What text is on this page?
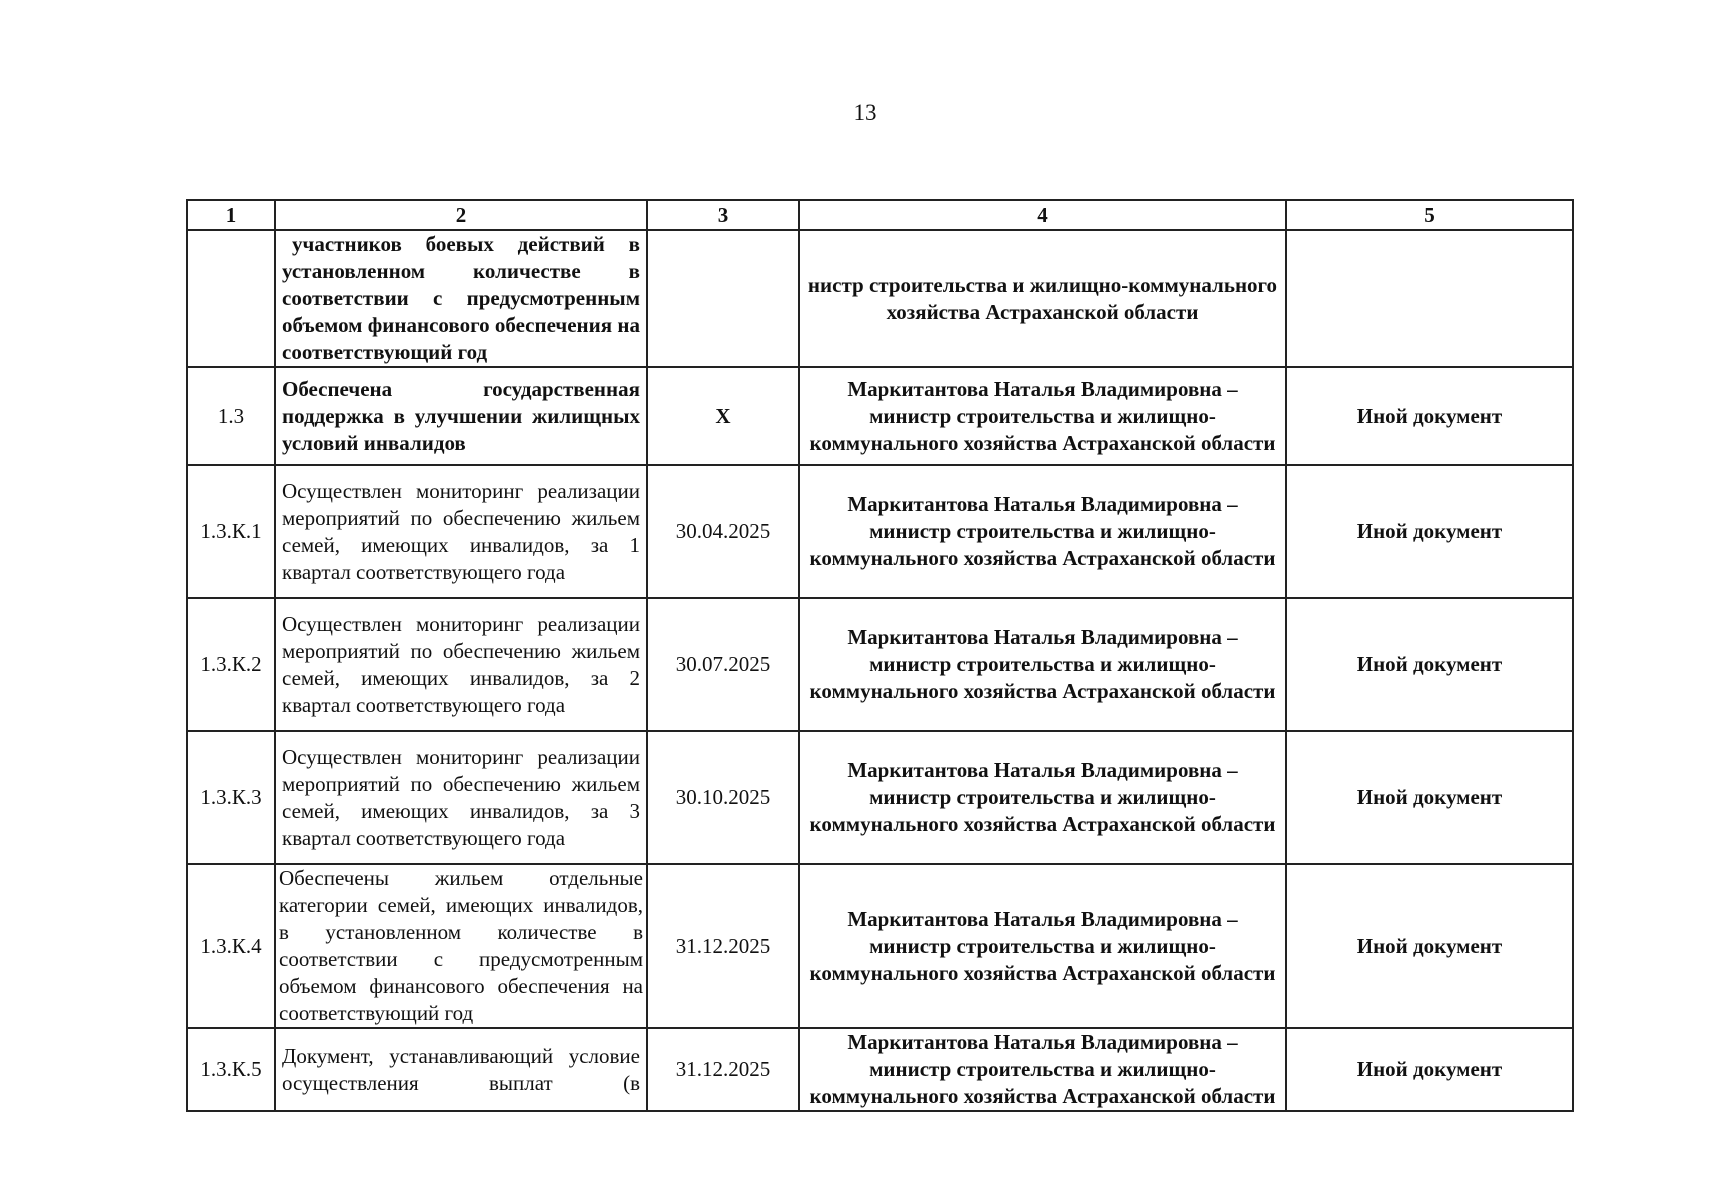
13
1	2	3	4	5
	участников боевых действий в установленном количестве в соответствии с предусмотренным объемом финансового обеспечения на соответствующий год		нистр строительства и жилищно-коммунального хозяйства Астраханской области	
1.3	Обеспечена государственная поддержка в улучшении жилищных условий инвалидов	Х	Маркитантова Наталья Владимировна – министр строительства и жилищно-коммунального хозяйства Астраханской области	Иной документ
1.3.К.1	Осуществлен мониторинг реализации мероприятий по обеспечению жильем семей, имеющих инвалидов, за 1 квартал соответствующего года	30.04.2025	Маркитантова Наталья Владимировна – министр строительства и жилищно-коммунального хозяйства Астраханской области	Иной документ
1.3.К.2	Осуществлен мониторинг реализации мероприятий по обеспечению жильем семей, имеющих инвалидов, за 2 квартал соответствующего года	30.07.2025	Маркитантова Наталья Владимировна – министр строительства и жилищно-коммунального хозяйства Астраханской области	Иной документ
1.3.К.3	Осуществлен мониторинг реализации мероприятий по обеспечению жильем семей, имеющих инвалидов, за 3 квартал соответствующего года	30.10.2025	Маркитантова Наталья Владимировна – министр строительства и жилищно-коммунального хозяйства Астраханской области	Иной документ
1.3.К.4	Обеспечены жильем отдельные категории семей, имеющих инвалидов, в установленном количестве в соответствии с предусмотренным объемом финансового обеспечения на соответствующий год	31.12.2025	Маркитантова Наталья Владимировна – министр строительства и жилищно-коммунального хозяйства Астраханской области	Иной документ
1.3.К.5	Документ, устанавливающий условие осуществления выплат (в	31.12.2025	Маркитантова Наталья Владимировна – министр строительства и жилищно-коммунального хозяйства Астраханской области	Иной документ
